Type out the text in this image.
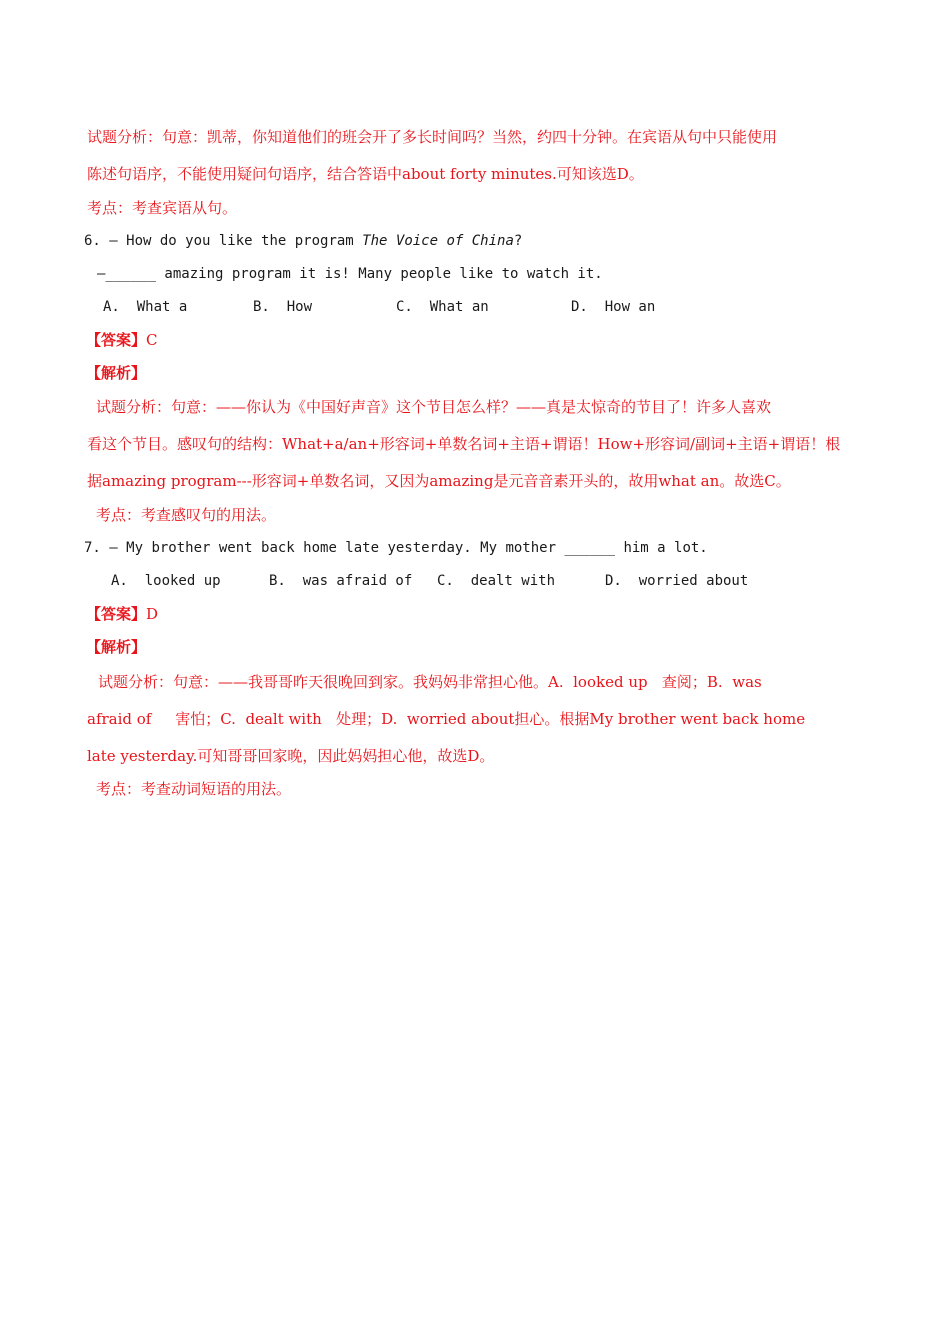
试题分析：句意：凯蒂，你知道他们的班会开了多长时间吗？当然，约四十分钟。在宾语从句中只能使用
陈述句语序，不能使用疑问句语序，结合答语中about forty minutes.可知该选D。
考点：考查宾语从句。
6. — How do you like the program The Voice of China?
—______ amazing program it is! Many people like to watch it.
A.  What a	B.  How	C.  What an	D.  How an
【答案】C
【解析】
试题分析：句意：——你认为《中国好声音》这个节目怎么样？——真是太惊奇的节目了！许多人喜欢
看这个节目。感叹句的结构：What+a/an+形容词+单数名词+主语+谓语！How+形容词/副词+主语+谓语！根
据amazing program---形容词+单数名词，又因为amazing是元音音素开头的，故用what an。故选C。
考点：考查感叹句的用法。
7. — My brother went back home late yesterday. My mother ______ him a lot.
A.  looked up	B.  was afraid of C.  dealt with	D.  worried about
【答案】D
【解析】
试题分析：句意：——我哥哥昨天很晚回到家。我妈妈非常担心他。A.  looked up   查阅；B.  was
afraid of     害怕；C.  dealt with   处理；D.  worried about担心。根据My brother went back home
late yesterday.可知哥哥回家晚，因此妈妈担心他，故选D。
考点：考查动词短语的用法。
